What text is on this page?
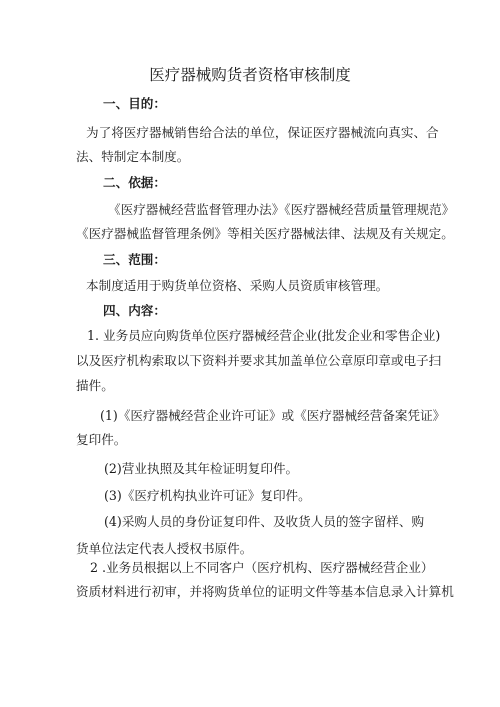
医疗器械购货者资格审核制度
一、目的：
为了将医疗器械销售给合法的单位，保证医疗器械流向真实、合
法、特制定本制度。
二、依据：
《医疗器械经营监督管理办法》《医疗器械经营质量管理规范》
《医疗器械监督管理条例》等相关医疗器械法律、法规及有关规定。
三、范围：
本制度适用于购货单位资格、采购人员资质审核管理。
四、内容：
1. 业务员应向购货单位医疗器械经营企业(批发企业和零售企业)
以及医疗机构索取以下资料并要求其加盖单位公章原印章或电子扫
描件。
(1)《医疗器械经营企业许可证》或《医疗器械经营备案凭证》
复印件。
(2)营业执照及其年检证明复印件。
(3)《医疗机构执业许可证》复印件。
(4)采购人员的身份证复印件、及收货人员的签字留样、购
货单位法定代表人授权书原件。
2 .业务员根据以上不同客户（医疗机构、医疗器械经营企业）
资质材料进行初审，并将购货单位的证明文件等基本信息录入计算机
